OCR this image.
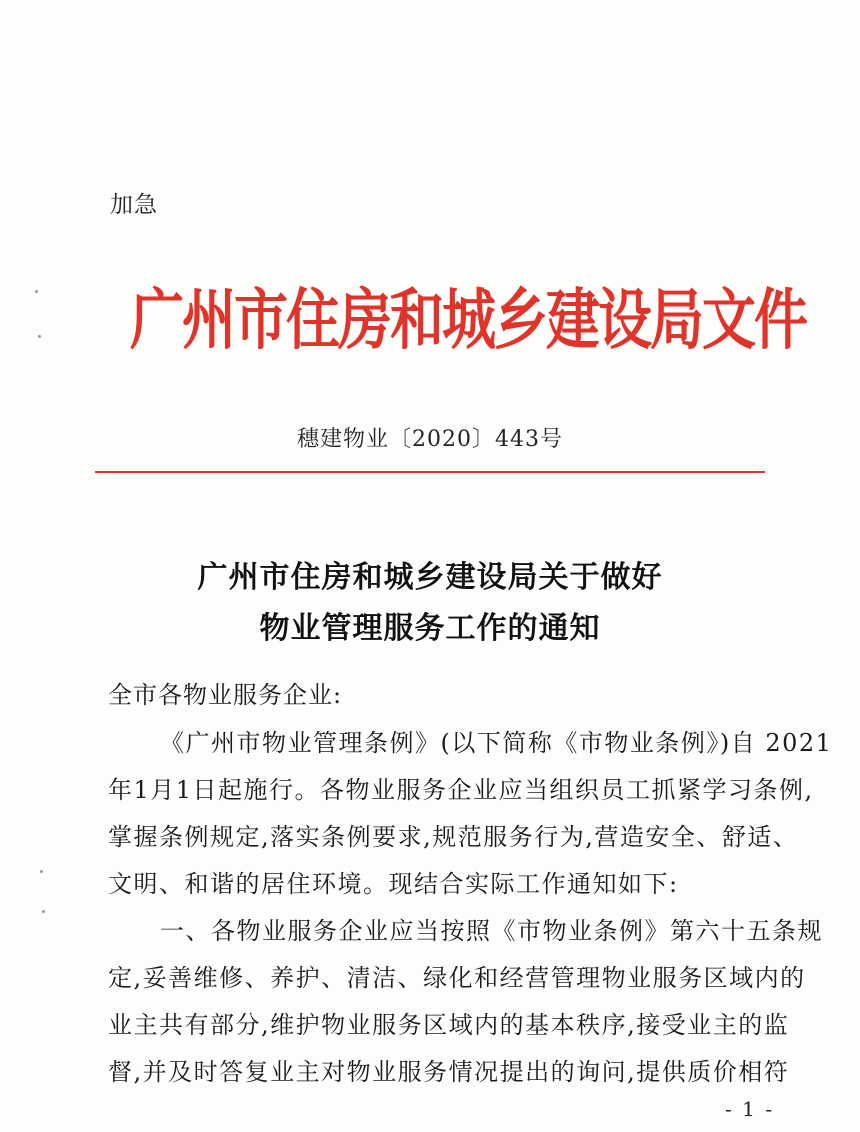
加急
广州市住房和城乡建设局文件
穗建物业〔2020〕443号
广州市住房和城乡建设局关于做好
物业管理服务工作的通知
全市各物业服务企业:
《广州市物业管理条例》(以下简称《市物业条例》)自 2021
年1月1日起施行。各物业服务企业应当组织员工抓紧学习条例,
掌握条例规定,落实条例要求,规范服务行为,营造安全、舒适、
文明、和谐的居住环境。现结合实际工作通知如下:
一、各物业服务企业应当按照《市物业条例》第六十五条规
定,妥善维修、养护、清洁、绿化和经营管理物业服务区域内的
业主共有部分,维护物业服务区域内的基本秩序,接受业主的监
督,并及时答复业主对物业服务情况提出的询问,提供质价相符
- 1 -
